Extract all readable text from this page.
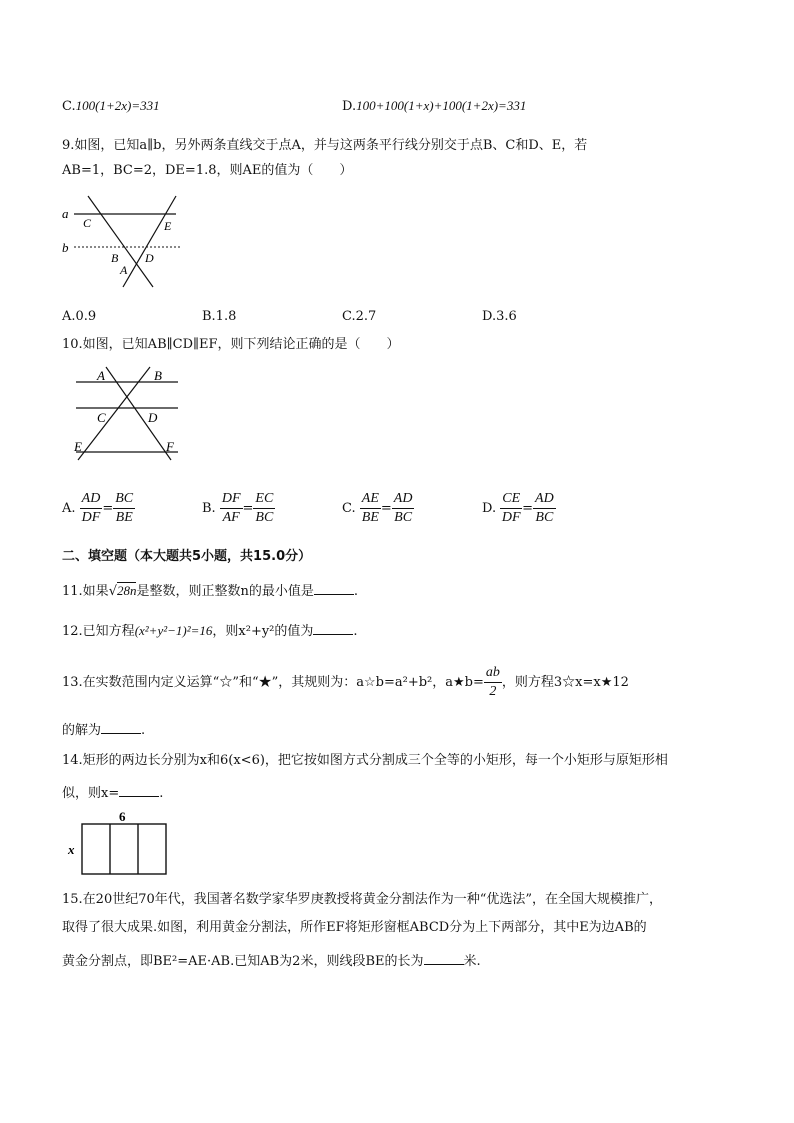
C.100(1+2x)=331	D.100+100(1+x)+100(1+2x)=331
9.如图，已知a∥b，另外两条直线交于点A，并与这两条平行线分别交于点B、C和D、E，若
AB=1，BC=2，DE=1.8，则AE的值为（　　）
a
b
C	E
B D
A
A.0.9	B.1.8	C.2.7	D.3.6
10.如图，已知AB∥CD∥EF，则下列结论正确的是（　　）
A	B
C	D
E	F
A. $\frac{AD}{DF} = \frac{BC}{BE}$	B. $\frac{DF}{AF} = \frac{EC}{BC}$	C. $\frac{AE}{BE} = \frac{AD}{BC}$	D. $\frac{CE}{DF} = \frac{AD}{BC}$
二、填空题（本大题共5小题，共15.0分）
11.如果√28n是整数，则正整数n的最小值是	.
12.已知方程(x²+y²−1)²=16，则x²+y²的值为	.
13.在实数范围内定义运算“☆”和“★”，其规则为：a☆b=a²+b²，a★b= $\frac{ab}{2}$ ，则方程3☆x=x★12
的解为	.
14.矩形的两边长分别为x和6(x<6)，把它按如图方式分割成三个全等的小矩形，每一个小矩形与原矩形相
似，则x=	.
6
x
15.在20世纪70年代，我国著名数学家华罗庚教授将黄金分割法作为一种“优选法”，在全国大规模推广，
取得了很大成果.如图，利用黄金分割法，所作EF将矩形窗框ABCD分为上下两部分，其中E为边AB的
黄金分割点，即BE²=AE·AB.已知AB为2米，则线段BE的长为	米.
